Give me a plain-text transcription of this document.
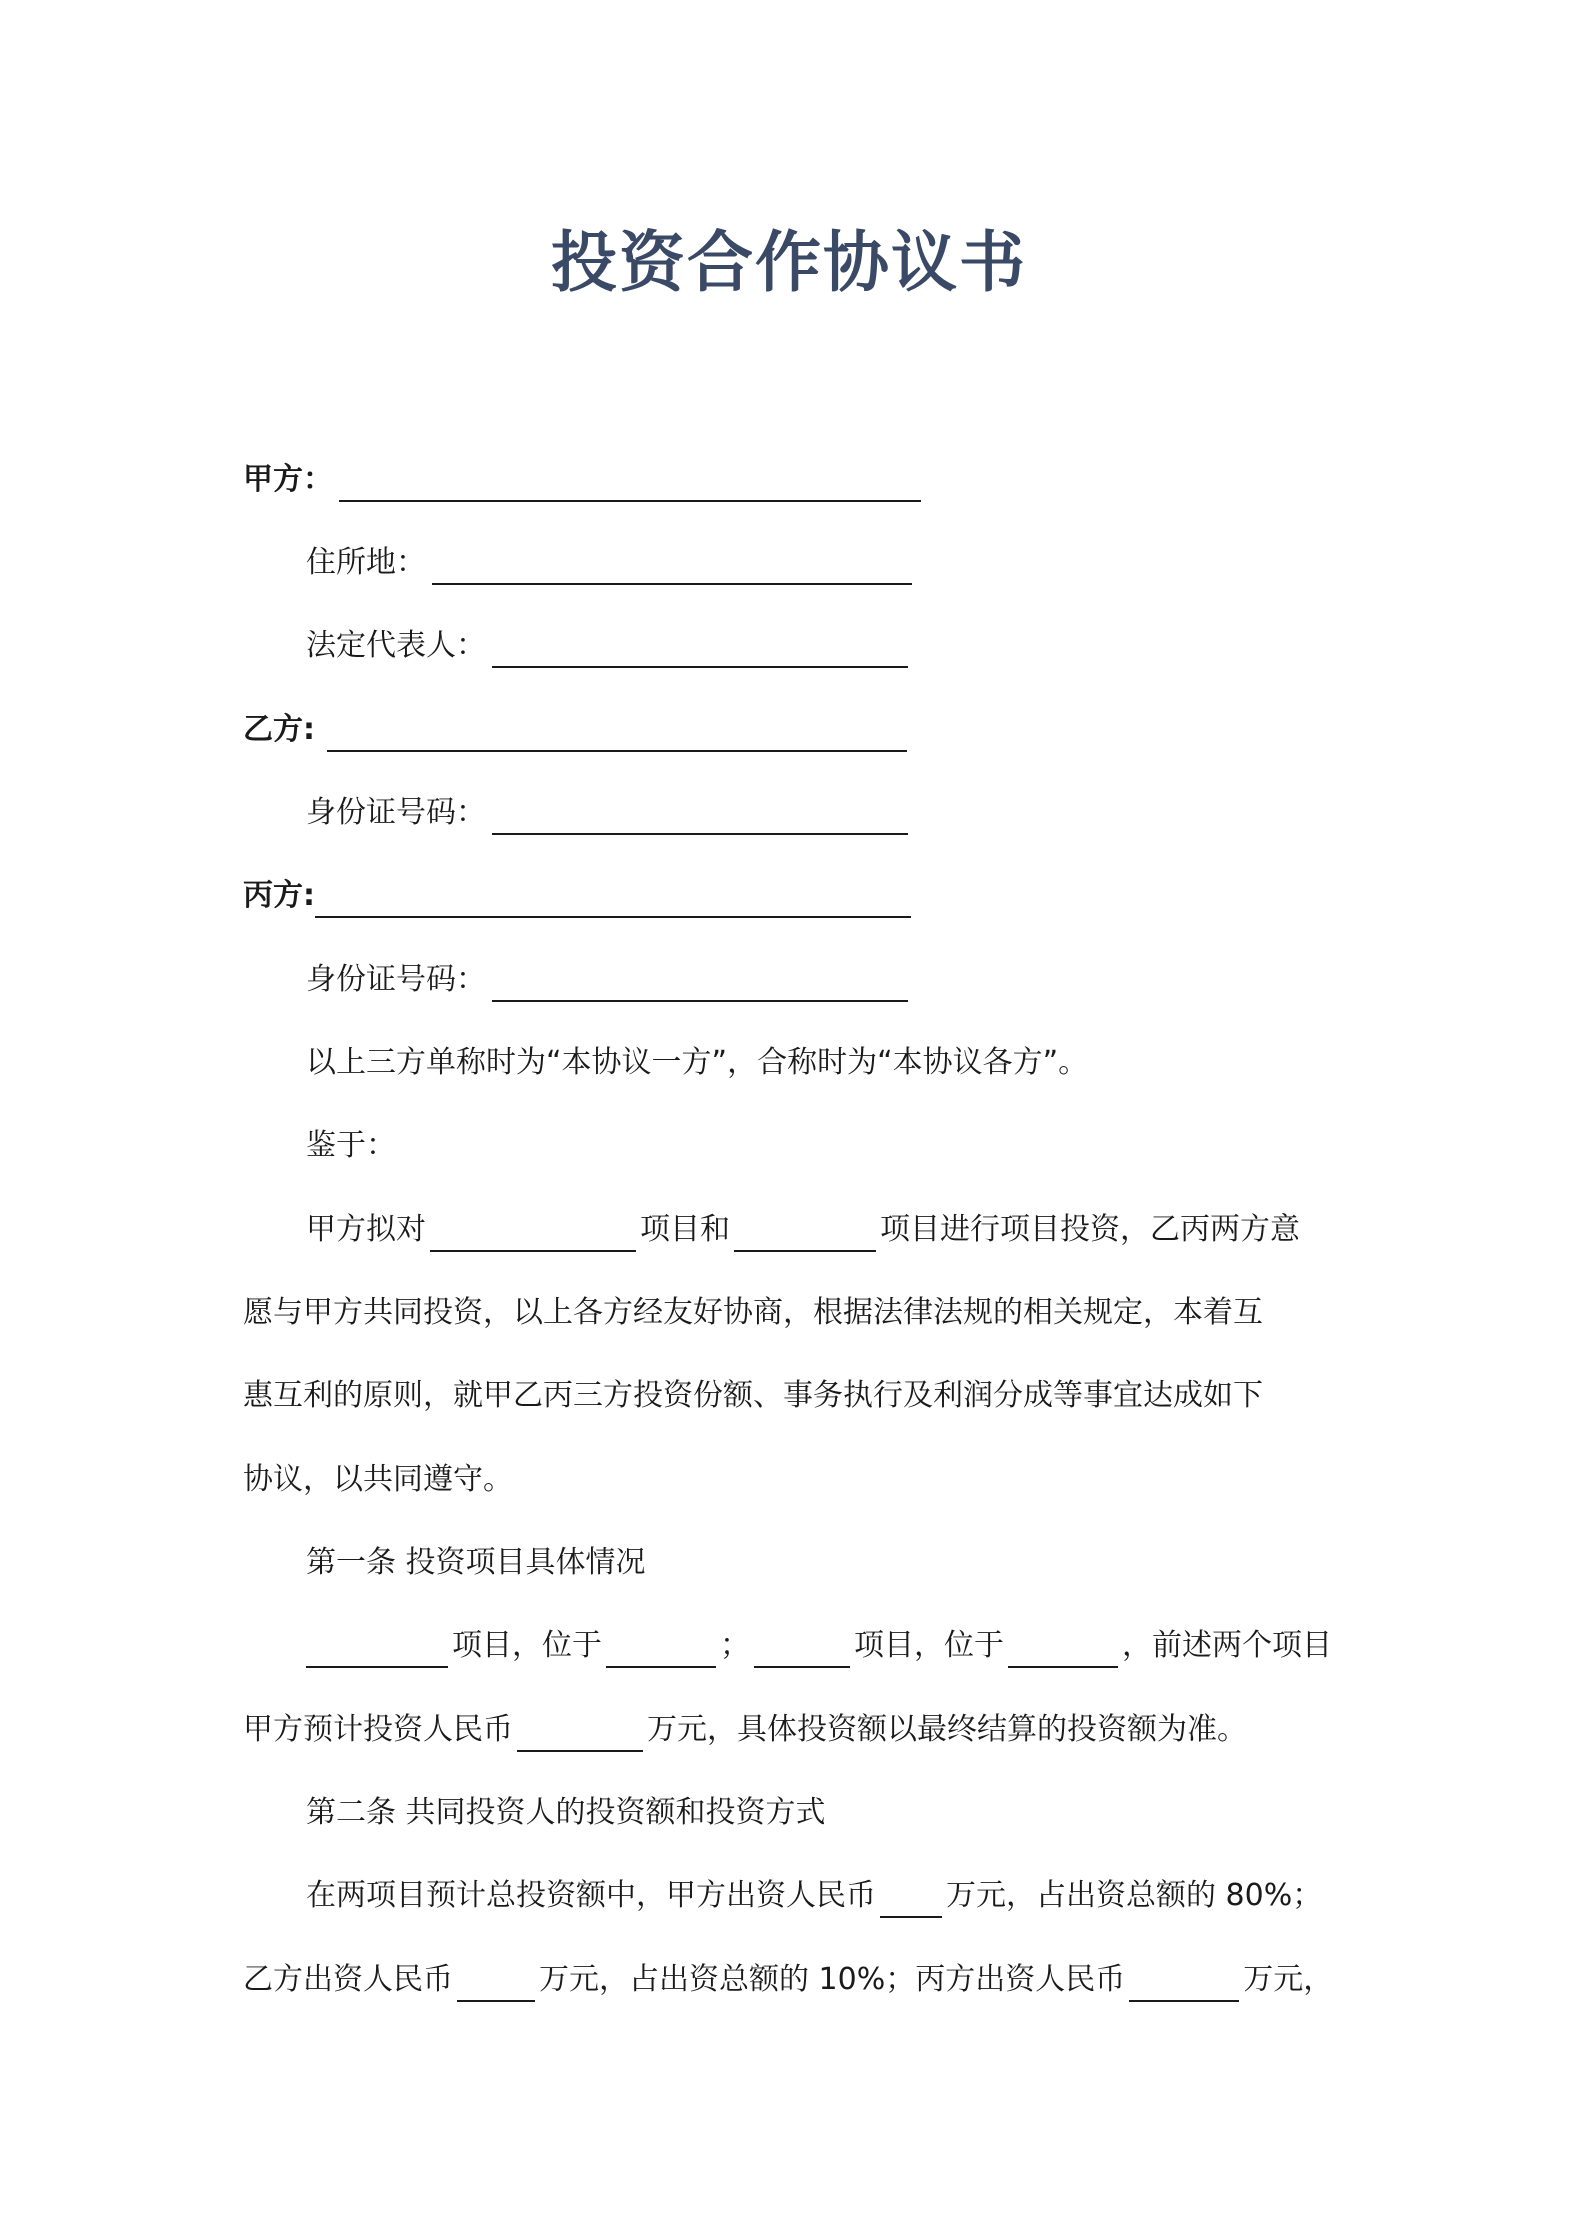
投资合作协议书
甲方：
住所地：
法定代表人：
乙方:
身份证号码：
丙方:
身份证号码：
以上三方单称时为“本协议一方”，合称时为“本协议各方”。
鉴于：
甲方拟对	项目和	项目进行项目投资，乙丙两方意
愿与甲方共同投资，以上各方经友好协商，根据法律法规的相关规定，本着互
惠互利的原则，就甲乙丙三方投资份额、事务执行及利润分成等事宜达成如下
协议，以共同遵守。
第一条 投资项目具体情况
项目，位于	；	项目，位于	，前述两个项目
甲方预计投资人民币	万元，具体投资额以最终结算的投资额为准。
第二条 共同投资人的投资额和投资方式
在两项目预计总投资额中，甲方出资人民币 万元，占出资总额的 80%；
乙方出资人民币	万元，占出资总额的 10%；丙方出资人民币	万元，
